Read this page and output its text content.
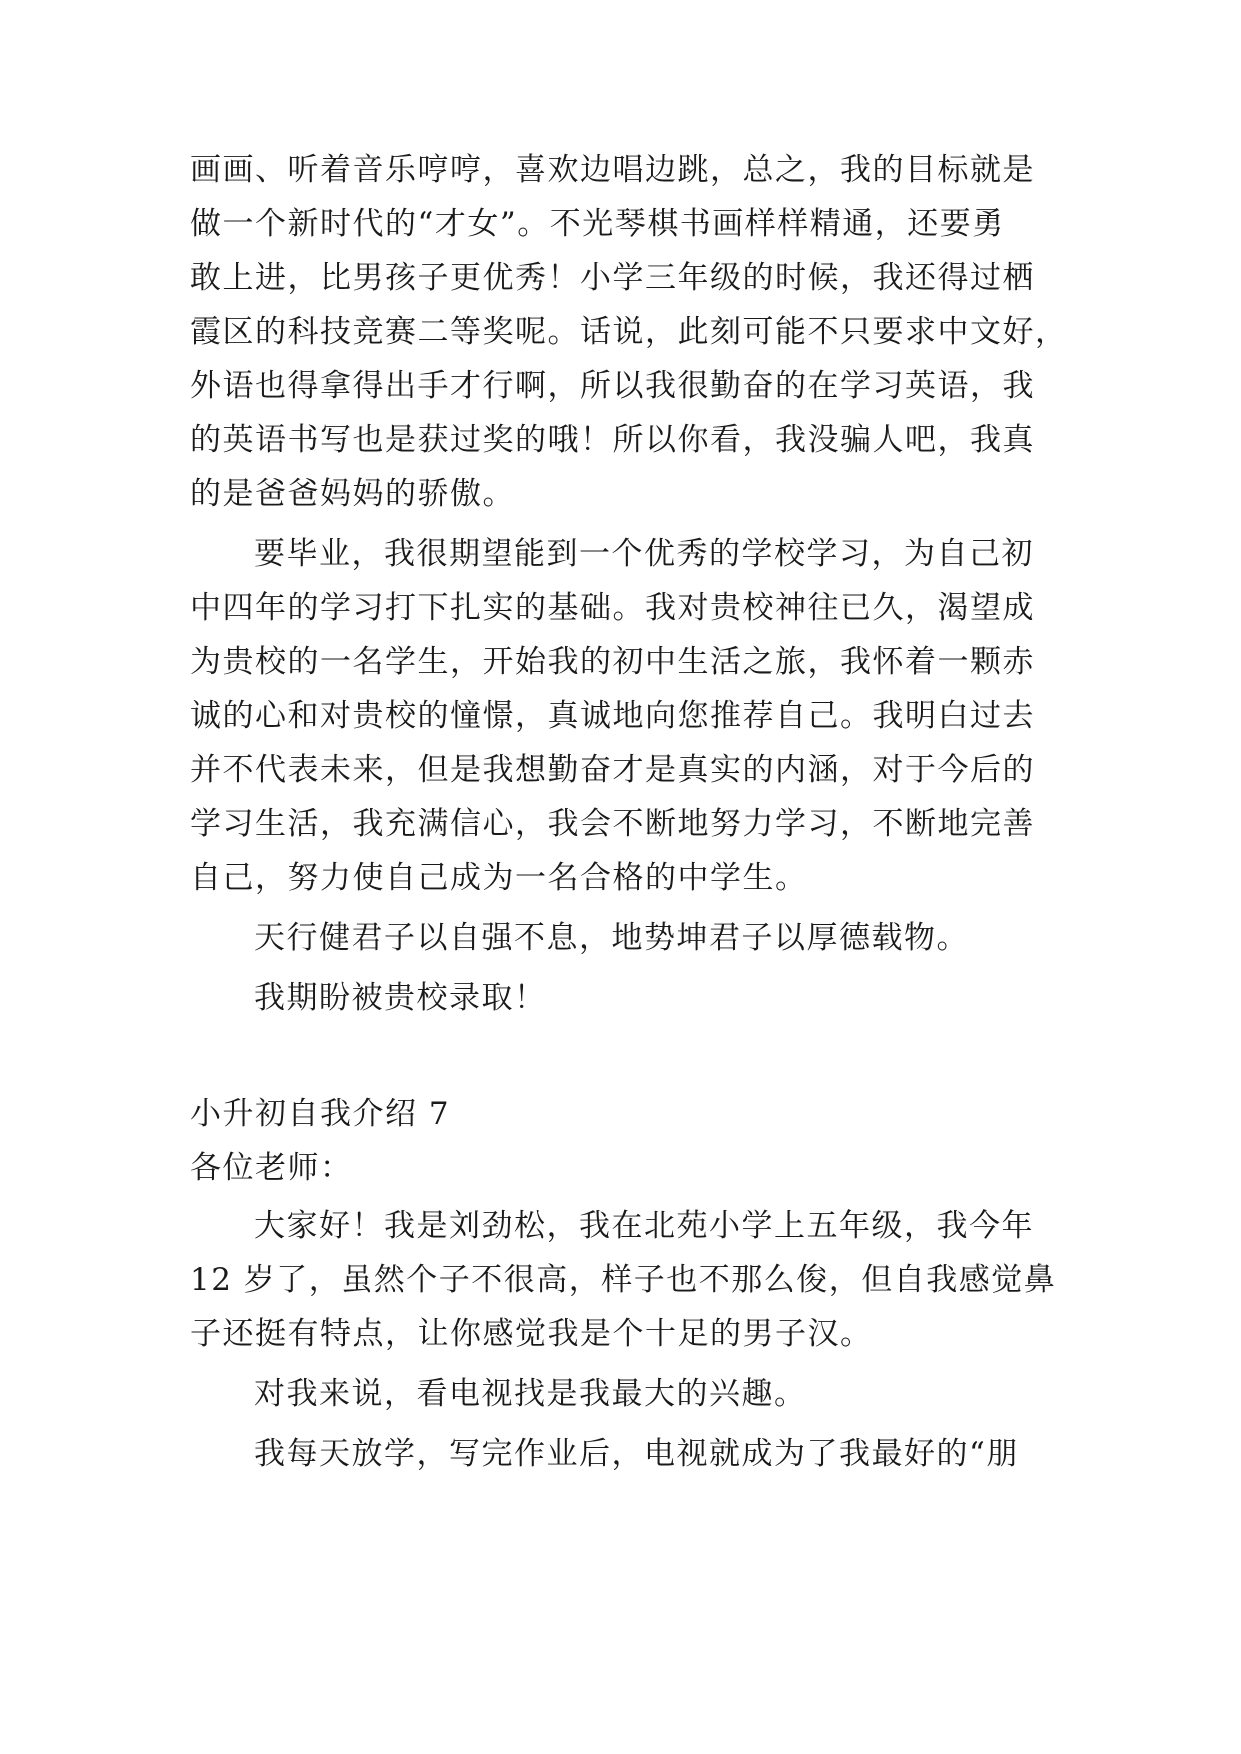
画画、听着音乐哼哼，喜欢边唱边跳，总之，我的目标就是
做一个新时代的“才女”。不光琴棋书画样样精通，还要勇
敢上进，比男孩子更优秀！小学三年级的时候，我还得过栖
霞区的科技竞赛二等奖呢。话说，此刻可能不只要求中文好，
外语也得拿得出手才行啊，所以我很勤奋的在学习英语，我
的英语书写也是获过奖的哦！所以你看，我没骗人吧，我真
的是爸爸妈妈的骄傲。
要毕业，我很期望能到一个优秀的学校学习，为自己初
中四年的学习打下扎实的基础。我对贵校神往已久，渴望成
为贵校的一名学生，开始我的初中生活之旅，我怀着一颗赤
诚的心和对贵校的憧憬，真诚地向您推荐自己。我明白过去
并不代表未来，但是我想勤奋才是真实的内涵，对于今后的
学习生活，我充满信心，我会不断地努力学习，不断地完善
自己，努力使自己成为一名合格的中学生。
天行健君子以自强不息，地势坤君子以厚德载物。
我期盼被贵校录取！
小升初自我介绍 7
各位老师：
大家好！我是刘劲松，我在北苑小学上五年级，我今年
12 岁了，虽然个子不很高，样子也不那么俊，但自我感觉鼻
子还挺有特点，让你感觉我是个十足的男子汉。
对我来说，看电视找是我最大的兴趣。
我每天放学，写完作业后，电视就成为了我最好的“朋
